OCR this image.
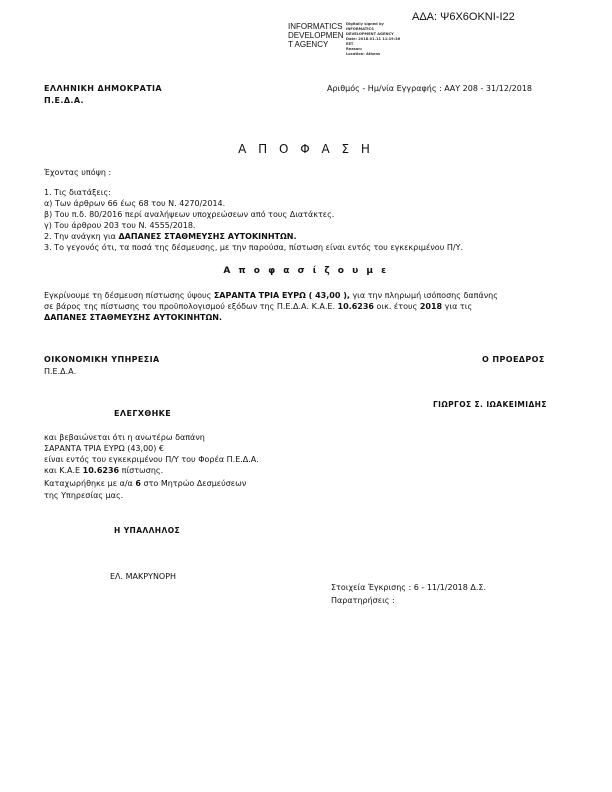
ΑΔΑ: Ψ6Χ6ΟΚΝΙ-Ι22
INFORMATICS
DEVELOPMEN
T AGENCY
Digitally signed by
INFORMATICS
DEVELOPMENT AGENCY
Date: 2018.01.11 11:19:36
EET
Reason:
Location: Athens
ΕΛΛΗΝΙΚΗ ΔΗΜΟΚΡΑΤΙΑ
Π.Ε.Δ.Α.
Αριθμός - Ημ/νία Εγγραφής : ΑΑΥ 208 - 31/12/2018
Α Π Ο Φ Α Σ Η
Έχοντας υπόψη :
1. Τις διατάξεις:
α) Των άρθρων 66 έως 68 του Ν. 4270/2014.
β) Του π.δ. 80/2016 περί αναλήψεων υποχρεώσεων από τους Διατάκτες.
γ) Του άρθρου 203 του Ν. 4555/2018.
2. Την ανάγκη για ΔΑΠΑΝΕΣ ΣΤΑΘΜΕΥΣΗΣ ΑΥΤΟΚΙΝΗΤΩΝ.
3. Το γεγονός ότι, τα ποσά της δέσμευσης, με την παρούσα, πίστωση είναι εντός του εγκεκριμένου Π/Υ.
Α π ο φ α σ ί ζ ο υ μ ε
Εγκρίνουμε τη δέσμευση πίστωσης ύψους ΣΑΡΑΝΤΑ ΤΡΙΑ ΕΥΡΩ ( 43,00 ), για την πληρωμή ισόποσης δαπάνης
σε βάρος της πίστωσης του προϋπολογισμού εξόδων της Π.Ε.Δ.Α. Κ.Α.Ε. 10.6236 οικ. έτους 2018 για τις
ΔΑΠΑΝΕΣ ΣΤΑΘΜΕΥΣΗΣ ΑΥΤΟΚΙΝΗΤΩΝ.
ΟΙΚΟΝΟΜΙΚΗ ΥΠΗΡΕΣΙΑ
Π.Ε.Δ.Α.
Ο ΠΡΟΕΔΡΟΣ
ΓΙΩΡΓΟΣ Σ. ΙΩΑΚΕΙΜΙΔΗΣ
ΕΛΕΓΧΘΗΚΕ
και βεβαιώνεται ότι η ανωτέρω δαπάνη
ΣΑΡΑΝΤΑ ΤΡΙΑ ΕΥΡΩ (43,00) €
είναι εντός του εγκεκριμένου Π/Υ του Φορέα Π.Ε.Δ.Α.
και Κ.Α.Ε 10.6236 πίστωσης.
Καταχωρήθηκε με α/α 6 στο Μητρώο Δεσμεύσεων
της Υπηρεσίας μας.
Η ΥΠΑΛΛΗΛΟΣ
ΕΛ. ΜΑΚΡΥΝΟΡΗ
Στοιχεία Έγκρισης : 6 - 11/1/2018 Δ.Σ.
Παρατηρήσεις :
